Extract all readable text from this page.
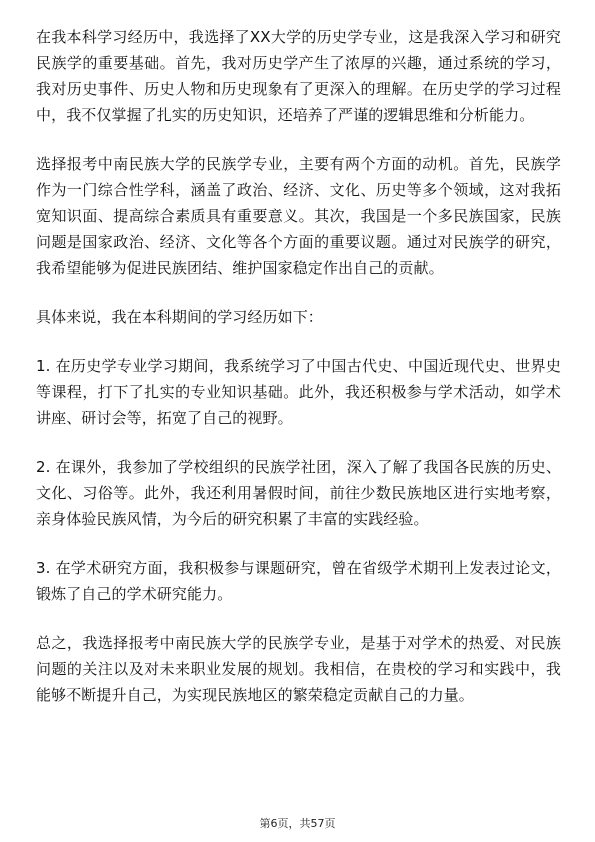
在我本科学习经历中，我选择了XX大学的历史学专业，这是我深入学习和研究民族学的重要基础。首先，我对历史学产生了浓厚的兴趣，通过系统的学习，我对历史事件、历史人物和历史现象有了更深入的理解。在历史学的学习过程中，我不仅掌握了扎实的历史知识，还培养了严谨的逻辑思维和分析能力。

选择报考中南民族大学的民族学专业，主要有两个方面的动机。首先，民族学作为一门综合性学科，涵盖了政治、经济、文化、历史等多个领域，这对我拓宽知识面、提高综合素质具有重要意义。其次，我国是一个多民族国家，民族问题是国家政治、经济、文化等各个方面的重要议题。通过对民族学的研究，我希望能够为促进民族团结、维护国家稳定作出自己的贡献。

具体来说，我在本科期间的学习经历如下：

1. 在历史学专业学习期间，我系统学习了中国古代史、中国近现代史、世界史等课程，打下了扎实的专业知识基础。此外，我还积极参与学术活动，如学术讲座、研讨会等，拓宽了自己的视野。

2. 在课外，我参加了学校组织的民族学社团，深入了解了我国各民族的历史、文化、习俗等。此外，我还利用暑假时间，前往少数民族地区进行实地考察，亲身体验民族风情，为今后的研究积累了丰富的实践经验。

3. 在学术研究方面，我积极参与课题研究，曾在省级学术期刊上发表过论文，锻炼了自己的学术研究能力。

总之，我选择报考中南民族大学的民族学专业，是基于对学术的热爱、对民族问题的关注以及对未来职业发展的规划。我相信，在贵校的学习和实践中，我能够不断提升自己，为实现民族地区的繁荣稳定贡献自己的力量。

第6页，共57页
